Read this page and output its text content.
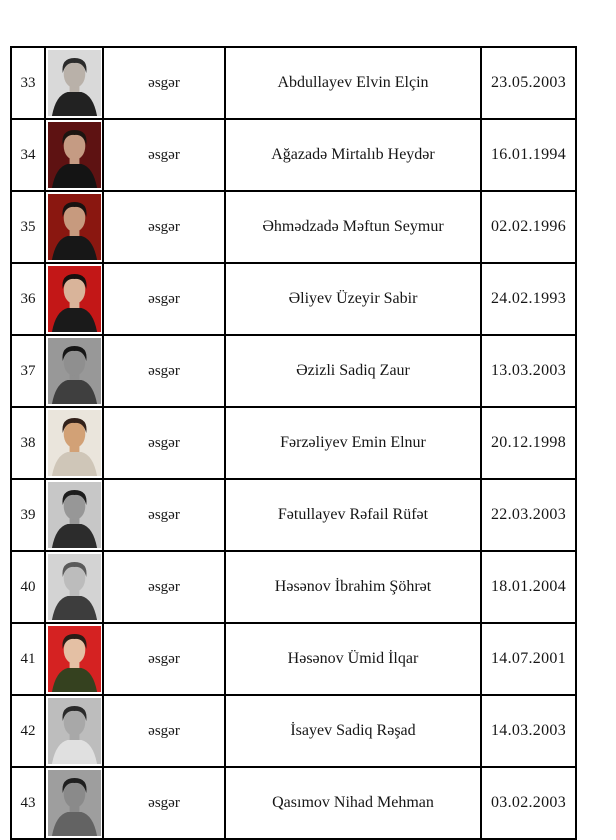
33		əsgər	Abdullayev Elvin Elçin	23.05.2003
34		əsgər	Ağazadə Mirtalıb Heydər	16.01.1994
35		əsgər	Əhmədzadə Məftun Seymur	02.02.1996
36		əsgər	Əliyev Üzeyir Sabir	24.02.1993
37		əsgər	Əzizli Sadiq Zaur	13.03.2003
38		əsgər	Fərzəliyev Emin Elnur	20.12.1998
39		əsgər	Fətullayev Rəfail Rüfət	22.03.2003
40		əsgər	Həsənov İbrahim Şöhrət	18.01.2004
41		əsgər	Həsənov Ümid İlqar	14.07.2001
42		əsgər	İsayev Sadiq Rəşad	14.03.2003
43		əsgər	Qasımov Nihad Mehman	03.02.2003
